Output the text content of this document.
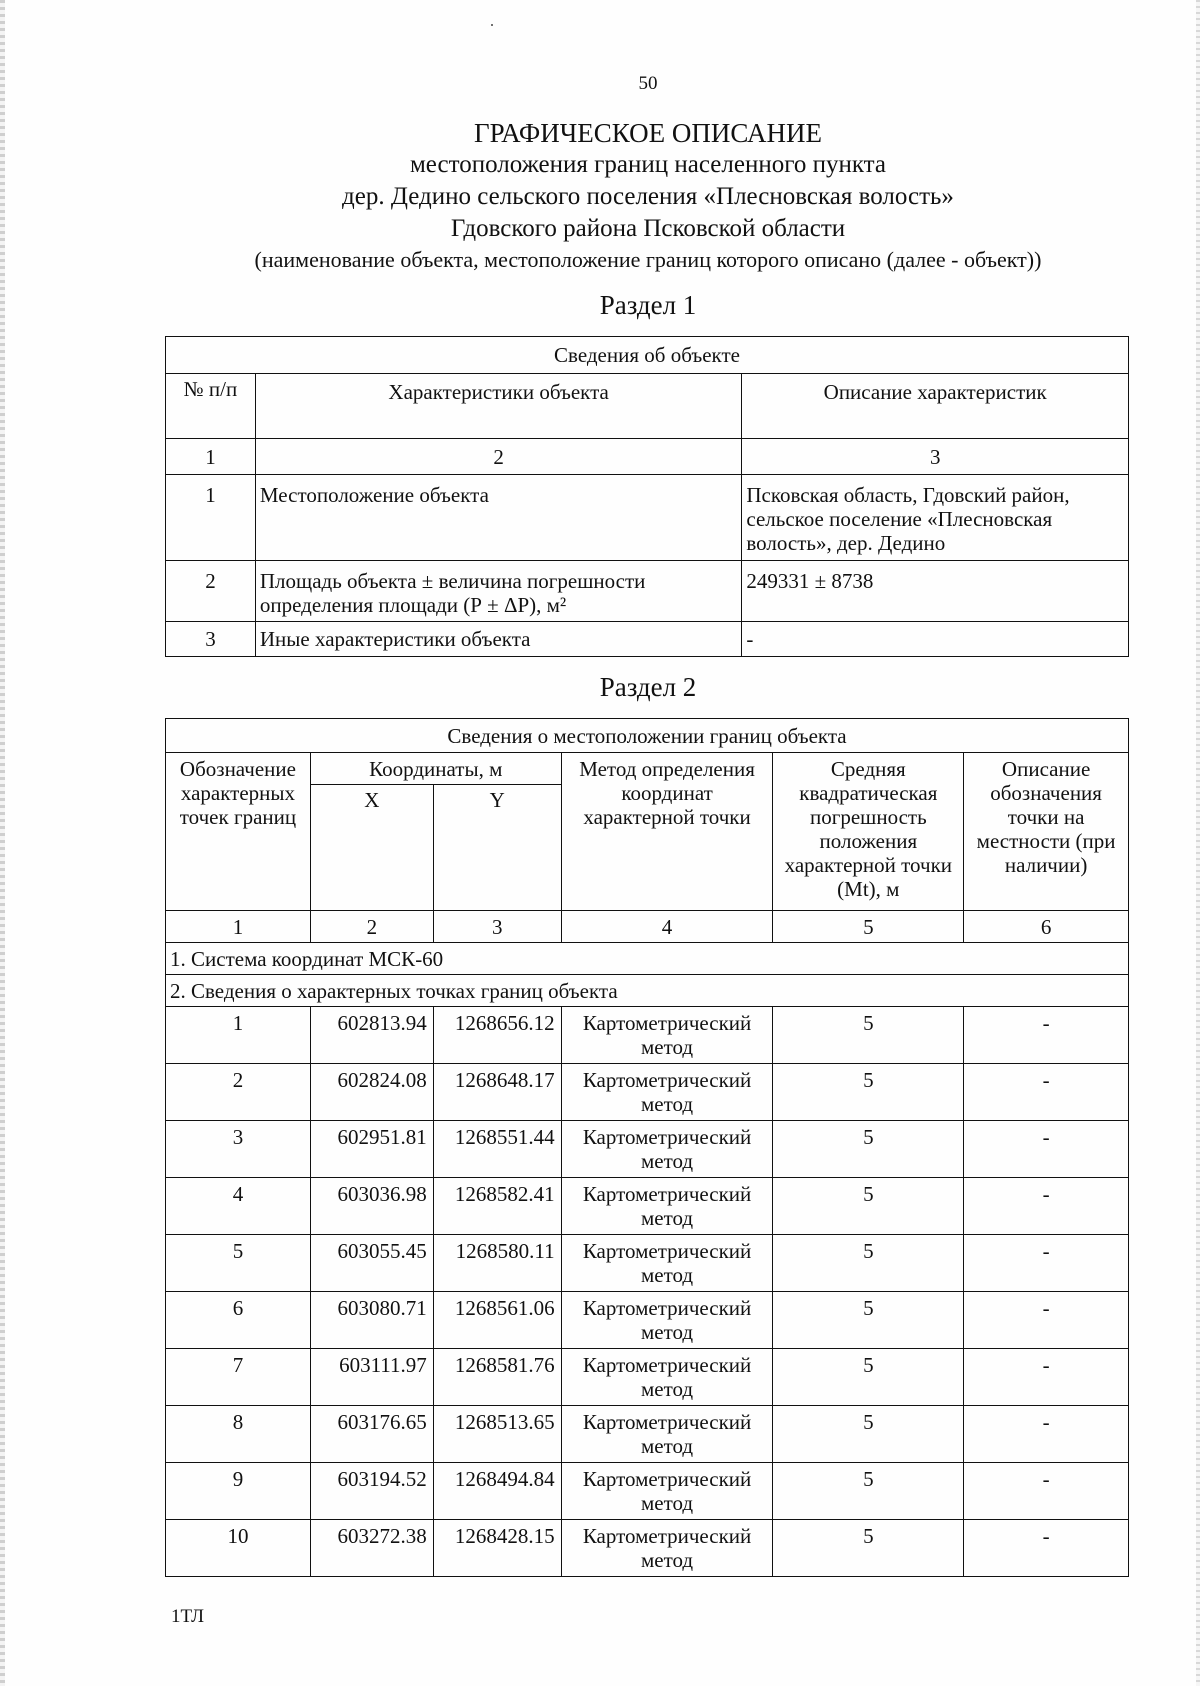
50
ГРАФИЧЕСКОЕ ОПИСАНИЕ
местоположения границ населенного пункта
дер. Дедино сельского поселения «Плесновская волость»
Гдовского района Псковской области
(наименование объекта, местоположение границ которого описано (далее - объект))
Раздел 1
Сведения об объекте		
№ п/п	Характеристики объекта	Описание характеристик
1	2	3
1	Местоположение объекта	Псковская область, Гдовский район, сельское поселение «Плесновская волость», дер. Дедино
2	Площадь объекта ± величина погрешности определения площади (Р ± ΔР), м²	249331 ± 8738
3	Иные характеристики объекта	-
Раздел 2
Сведения о местоположении границ объекта					
Обозначение характерных точек границ	Координаты, м		Метод определения координат характерной точки	Средняя квадратическая погрешность положения характерной точки (Mt), м	Описание обозначения точки на местности (при наличии)
	X	Y			
1	2	3	4	5	6
1. Система координат МСК-60					
2. Сведения о характерных точках границ объекта					
1	602813.94	1268656.12	Картометрический метод	5	-
2	602824.08	1268648.17	Картометрический метод	5	-
3	602951.81	1268551.44	Картометрический метод	5	-
4	603036.98	1268582.41	Картометрический метод	5	-
5	603055.45	1268580.11	Картометрический метод	5	-
6	603080.71	1268561.06	Картометрический метод	5	-
7	603111.97	1268581.76	Картометрический метод	5	-
8	603176.65	1268513.65	Картометрический метод	5	-
9	603194.52	1268494.84	Картометрический метод	5	-
10	603272.38	1268428.15	Картометрический метод	5	-
1ТЛ
